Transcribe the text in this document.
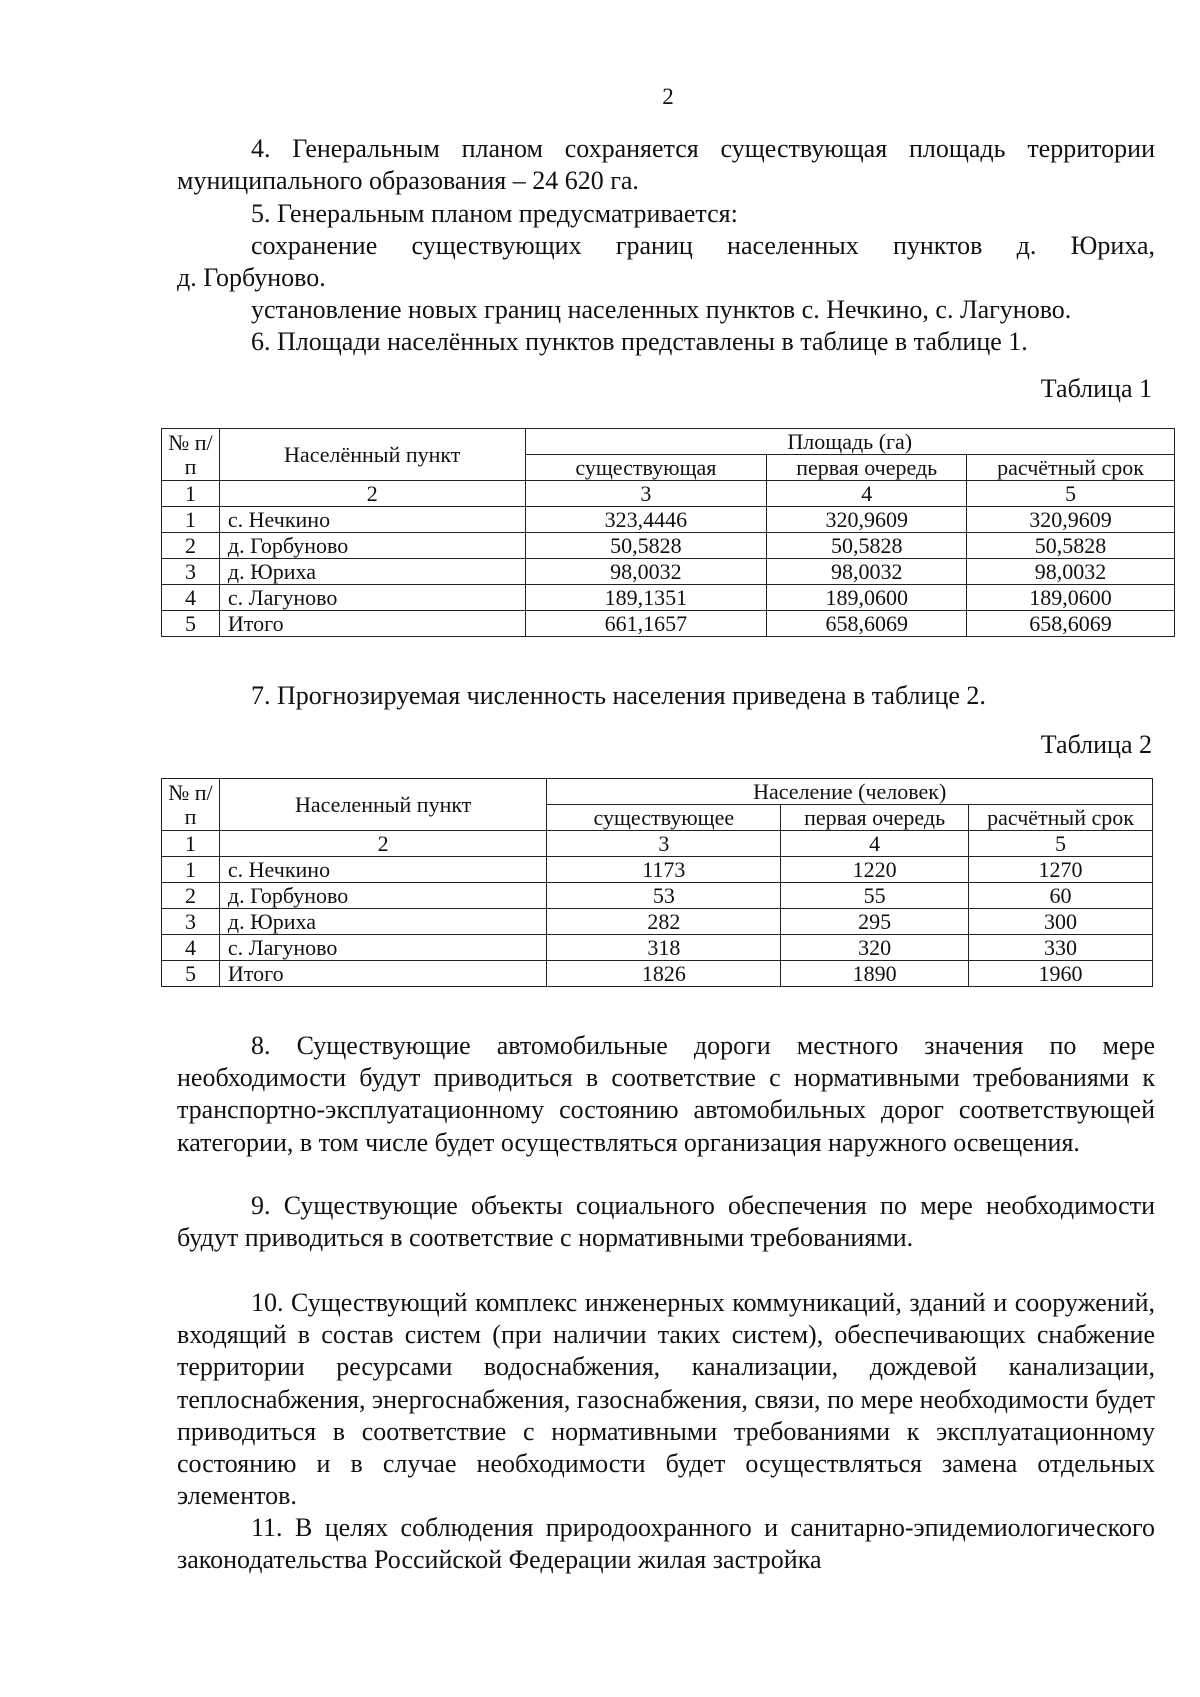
2

4. Генеральным планом сохраняется существующая площадь территории муниципального образования – 24 620 га.

5. Генеральным планом предусматривается:

сохранение существующих границ населенных пунктов д. Юриха,

д. Горбуново.

установление новых границ населенных пунктов с. Нечкино, с. Лагуново.

6. Площади населённых пунктов представлены в таблице в таблице 1.

Таблица 1
№ п/п	Населённый пункт	Площадь (га)		
		существующая	первая очередь	расчётный срок
1	2	3	4	5
1	с. Нечкино	323,4446	320,9609	320,9609
2	д. Горбуново	50,5828	50,5828	50,5828
3	д. Юриха	98,0032	98,0032	98,0032
4	с. Лагуново	189,1351	189,0600	189,0600
5	Итого	661,1657	658,6069	658,6069

7. Прогнозируемая численность населения приведена в таблице 2.

Таблица 2
№ п/п	Населенный пункт	Население (человек)		
		существующее	первая очередь	расчётный срок
1	2	3	4	5
1	с. Нечкино	1173	1220	1270
2	д. Горбуново	53	55	60
3	д. Юриха	282	295	300
4	с. Лагуново	318	320	330
5	Итого	1826	1890	1960

8. Существующие автомобильные дороги местного значения по мере необходимости будут приводиться в соответствие с нормативными требованиями к транспортно-эксплуатационному состоянию автомобильных дорог соответствующей категории, в том числе будет осуществляться организация наружного освещения.

9. Существующие объекты социального обеспечения по мере необходимости будут приводиться в соответствие с нормативными требованиями.

10. Существующий комплекс инженерных коммуникаций, зданий и сооружений, входящий в состав систем (при наличии таких систем), обеспечивающих снабжение территории ресурсами водоснабжения, канализации, дождевой канализации, теплоснабжения, энергоснабжения, газоснабжения, связи, по мере необходимости будет приводиться в соответствие с нормативными требованиями к эксплуатационному состоянию и в случае необходимости будет осуществляться замена отдельных элементов.

11. В целях соблюдения природоохранного и санитарно-эпидемиологического законодательства Российской Федерации жилая застройка
